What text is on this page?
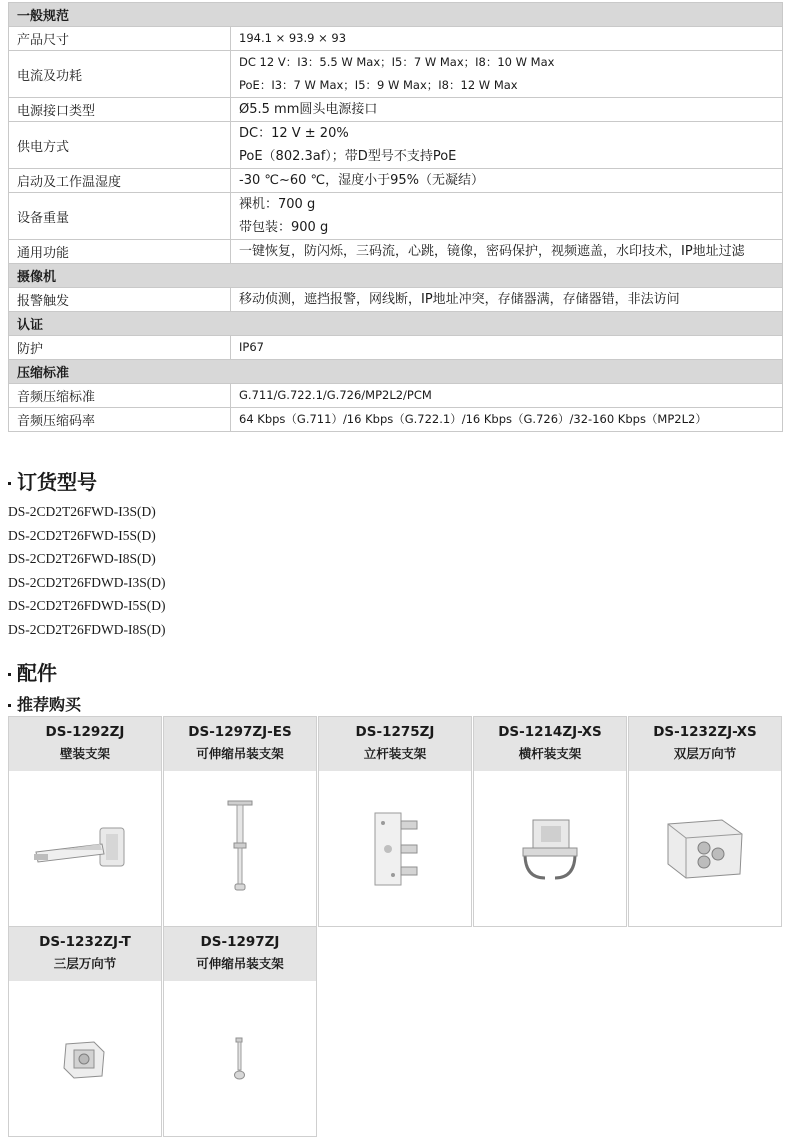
一般规范	
产品尺寸	194.1 × 93.9 × 93

电流及功耗	DC 12 V：I3：5.5 W Max；I5：7 W Max；I8：10 W Max
PoE：I3：7 W Max；I5：9 W Max；I8：12 W Max

电源接口类型	Ø5.5 mm圆头电源接口

供电方式	DC：12 V ± 20%
PoE（802.3af）；带D型号不支持PoE

启动及工作温湿度	-30 ℃~60 ℃，湿度小于95%（无凝结）

设备重量	裸机：700 g
带包装：900 g

通用功能	一键恢复，防闪烁，三码流，心跳，镜像，密码保护，视频遮盖，水印技术，IP地址过滤

摄像机	
报警触发	移动侦测，遮挡报警，网线断，IP地址冲突，存储器满，存储器错，非法访问

认证	
防护	IP67

压缩标准	
音频压缩标准	G.711/G.722.1/G.726/MP2L2/PCM

音频压缩码率	64 Kbps（G.711）/16 Kbps（G.722.1）/16 Kbps（G.726）/32-160 Kbps（MP2L2）
订货型号
DS-2CD2T26FWD-I3S(D)
DS-2CD2T26FWD-I5S(D)
DS-2CD2T26FWD-I8S(D)
DS-2CD2T26FDWD-I3S(D)
DS-2CD2T26FDWD-I5S(D)
DS-2CD2T26FDWD-I8S(D)
配件
推荐购买
DS-1292ZJ
壁装支架
DS-1297ZJ-ES
可伸缩吊装支架
DS-1275ZJ
立杆装支架
DS-1214ZJ-XS
横杆装支架
DS-1232ZJ-XS
双层万向节
DS-1232ZJ-T
三层万向节
DS-1297ZJ
可伸缩吊装支架
